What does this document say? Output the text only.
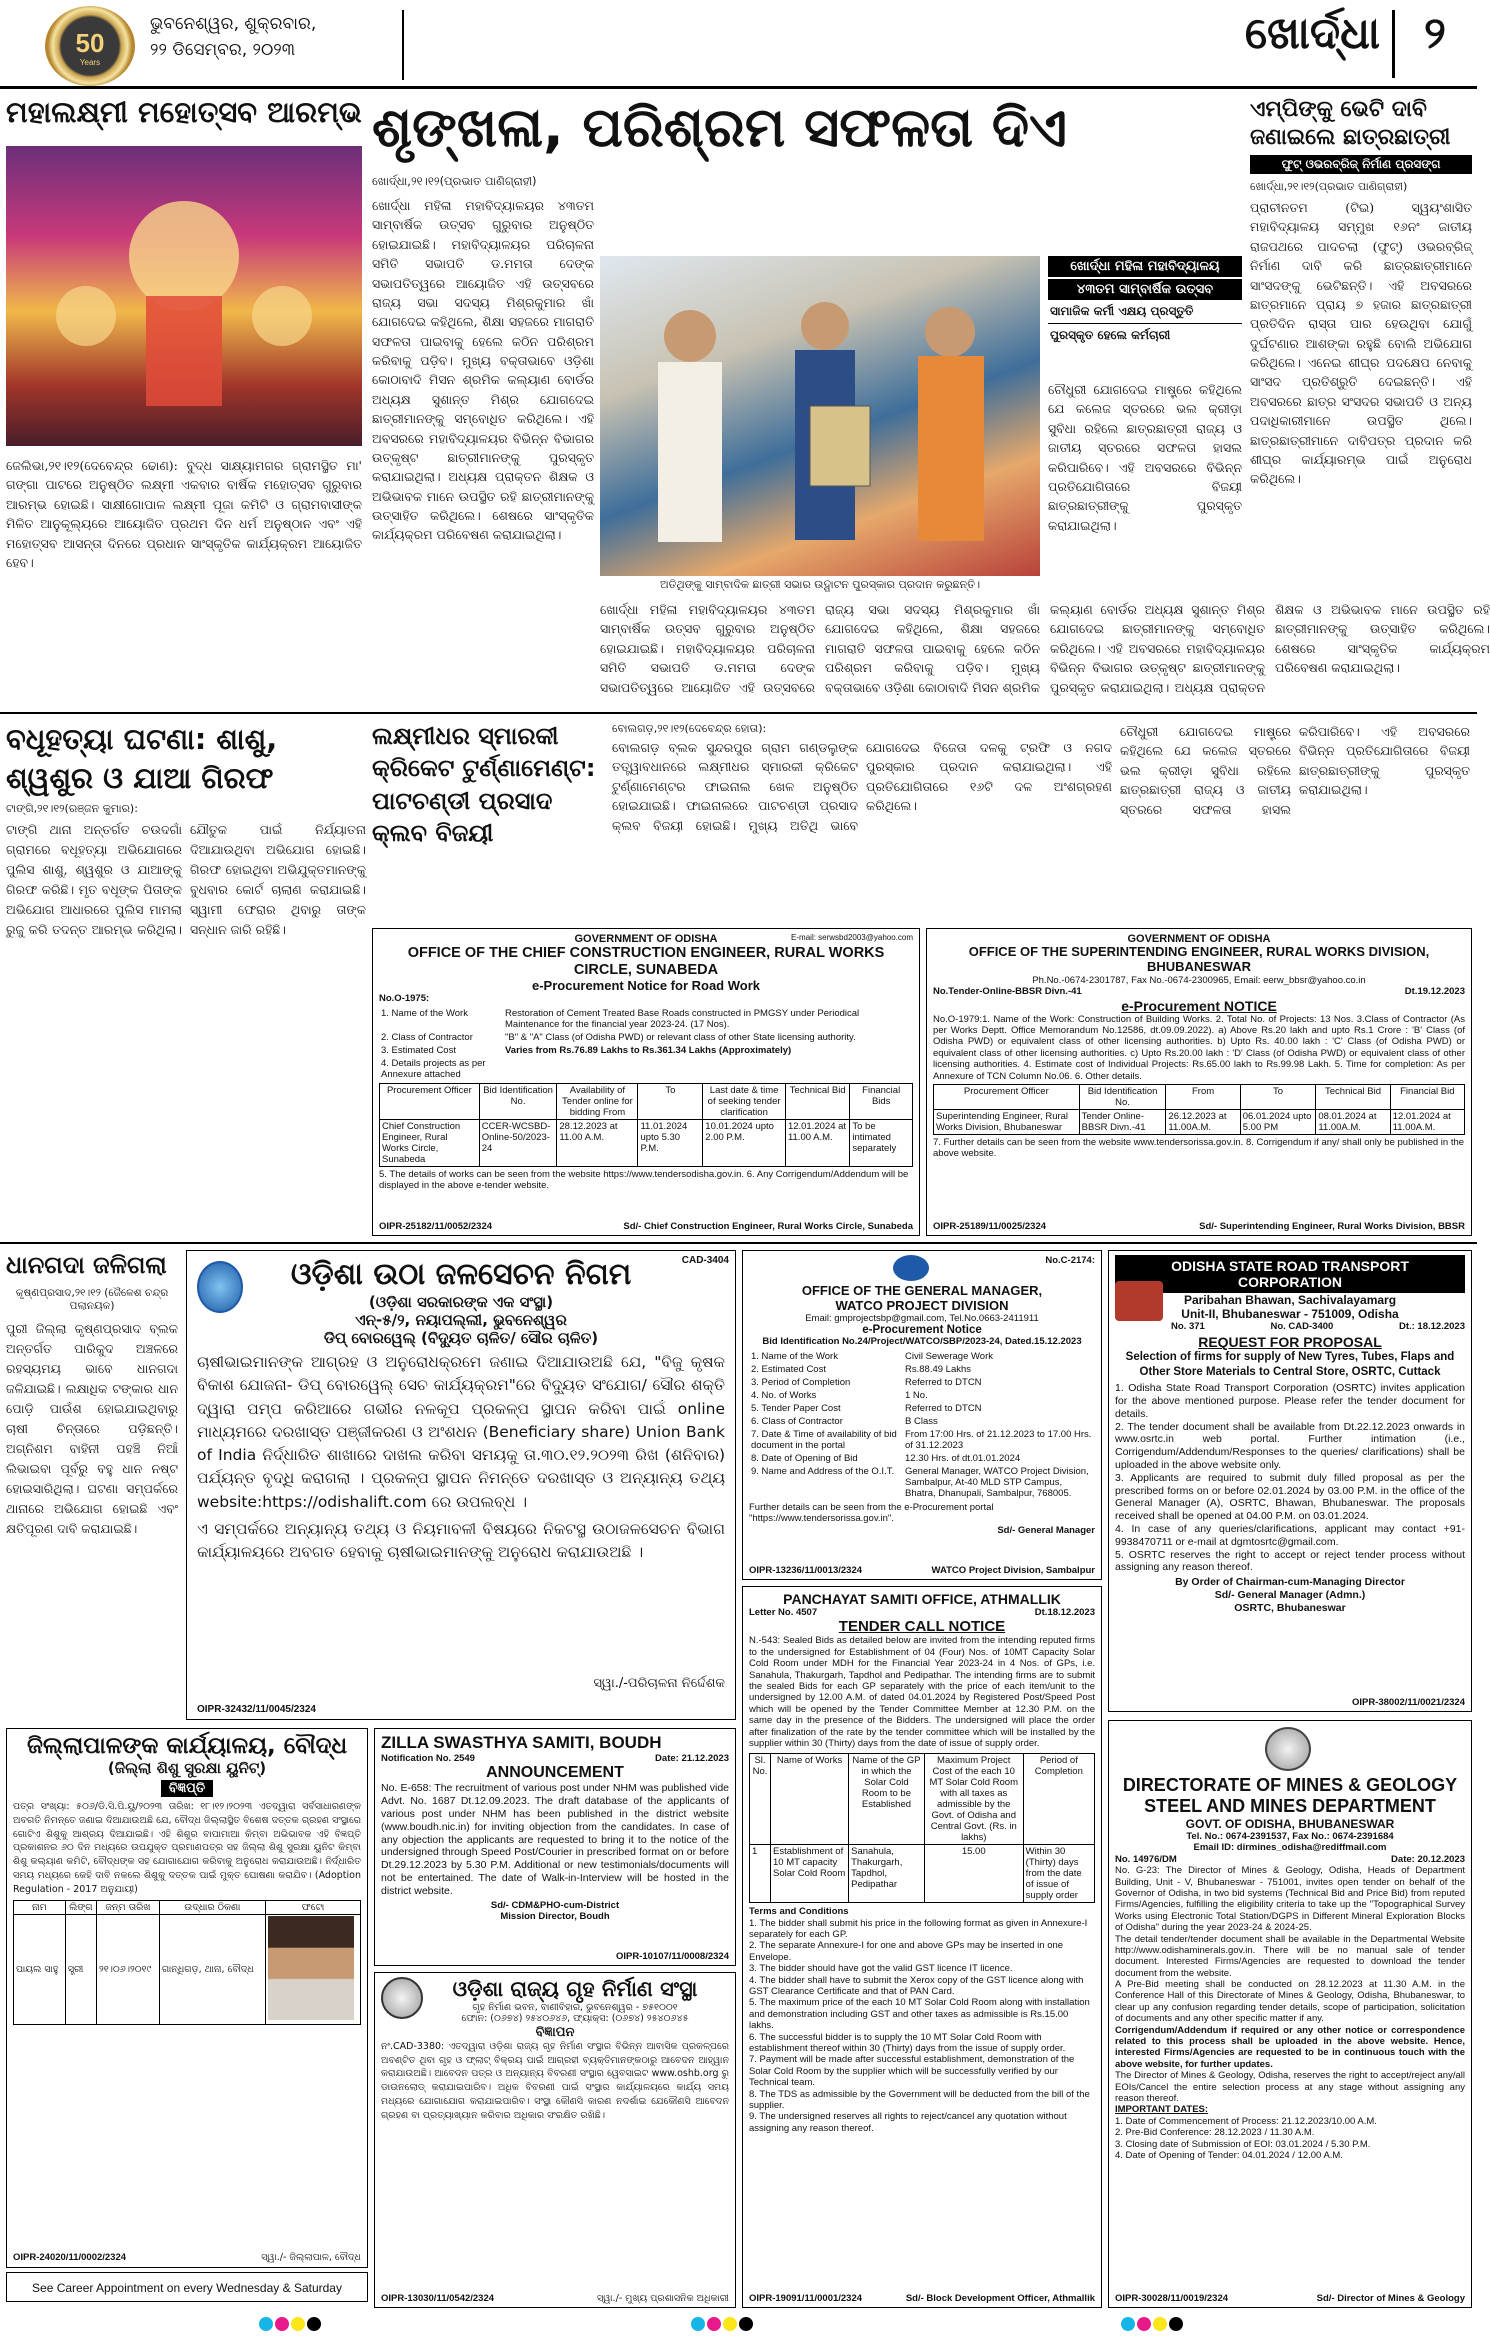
50
Years
ଭୁବନେଶ୍ୱର, ଶୁକ୍ରବାର,
୨୨ ଡିସେମ୍ବର, ୨୦୨୩	ଖୋର୍ଦ୍ଧା	୨
ମହାଲକ୍ଷ୍ମୀ ମହୋତ୍ସବ ଆରମ୍ଭ
ଜେଲିଭା,୨୧।୧୨(ଦେବେନ୍ଦ୍ର ଢୋଣ): ବୁଦ୍ଧ ସାକ୍ଷ୍ୟାମଗର ଗ୍ରାମସ୍ଥିତ ମା' ଗଙ୍ଗା ପାଟରେ ଅନୁଷ୍ଠିତ ଲକ୍ଷ୍ମୀ ଏକବାର ବାର୍ଷିକ ମହୋତ୍ସବ ଗୁରୁବାର ଆରମ୍ଭ ହୋଇଛି। ସାକ୍ଷୀଗୋପାଳ ଲକ୍ଷ୍ମୀ ପୂଜା କମିଟି ଓ ଗ୍ରାମବାସୀଙ୍କ ମିଳିତ ଆନୁକୂଲ୍ୟରେ ଆୟୋଜିତ ପ୍ରଥମ ଦିନ ଧର୍ମ ଅନୁଷ୍ଠାନ ଏବଂ ଏହି ମହୋତ୍ସବ ଆସନ୍ତା ଦିନରେ ପ୍ରଧାନ ସାଂସ୍କୃତିକ କାର୍ଯ୍ୟକ୍ରମ ଆୟୋଜିତ ହେବ।
ଶୃଙ୍ଖଳା, ପରିଶ୍ରମ ସଫଳତା ଦିଏ
ଖୋର୍ଦ୍ଧା,୨୧।୧୨(ପ୍ରଭାତ ପାଣିଗ୍ରାହୀ)
ଖୋର୍ଦ୍ଧା ମହିଳା ମହାବିଦ୍ୟାଳୟର ୪୩ତମ ସାମ୍ବାର୍ଷିକ ଉତ୍ସବ ଗୁରୁବାର ଅନୁଷ୍ଠିତ ହୋଇଯାଇଛି। ମହାବିଦ୍ୟାଳୟର ପରିଚାଳନା ସମିତି ସଭାପତି ଡ.ମମତା ଦେଙ୍କ ସଭାପତିତ୍ୱରେ ଆୟୋଜିତ ଏହି ଉତ୍ସବରେ ରାଜ୍ୟ ସଭା ସଦସ୍ୟ ମିଶ୍ରକୁମାର ଖାଁ ଯୋଗଦେଇ କହିଥିଲେ, ଶିକ୍ଷା ସହଜରେ ମାଗରାତି ସଫଳତା ପାଇବାକୁ ହେଲେ କଠିନ ପରିଶ୍ରମ କରିବାକୁ ପଡ଼ିବ। ମୁଖ୍ୟ ବକ୍ତାଭାବେ ଓଡ଼ିଶା କୋଠାବାଦି ମିସନ ଶ୍ରମିକ କଲ୍ୟାଣ ବୋର୍ଡର ଅଧ୍ୟକ୍ଷ ସୁଶାନ୍ତ ମିଶ୍ର ଯୋଗଦେଇ ଛାତ୍ରୀମାନଙ୍କୁ ସମ୍ବୋଧିତ କରିଥିଲେ। ଏହି ଅବସରରେ ମହାବିଦ୍ୟାଳୟର ବିଭିନ୍ନ ବିଭାଗର ଉତ୍କୃଷ୍ଟ ଛାତ୍ରୀମାନଙ୍କୁ ପୁରସ୍କୃତ କରାଯାଇଥିଲା। ଅଧ୍ୟକ୍ଷ ପ୍ରାକ୍ତନ ଶିକ୍ଷକ ଓ ଅଭିଭାବକ ମାନେ ଉପସ୍ଥିତ ରହି ଛାତ୍ରୀମାନଙ୍କୁ ଉତ୍ସାହିତ କରିଥିଲେ। ଶେଷରେ ସାଂସ୍କୃତିକ କାର୍ଯ୍ୟକ୍ରମ ପରିବେଷଣ କରାଯାଇଥିଲା।
ଅତିଥିଙ୍କୁ ସାମ୍ବାଦିକ ଛାତ୍ରୀ ସଭାର ଉଦ୍ଘାଟନ ପୁରସ୍କାର ପ୍ରଦାନ କରୁଛନ୍ତି।
ଖୋର୍ଦ୍ଧା ମହିଳା ମହାବିଦ୍ୟାଳୟ
୪୩ତମ ସାମ୍ବାର୍ଷିକ ଉତ୍ସବ
ସାମାଜିକ କର୍ମୀ ଏକ୍ଷୟ ପ୍ରସ୍ତୁତି
ପୁରସ୍କୃତ ହେଲେ କର୍ମଚାରୀ
ଚୌଧୁରୀ ଯୋଗଦେଇ ମାଷ୍ଟ୍ରେ କହିଥିଲେ ଯେ କଲେଜ ସ୍ତରରେ ଭଲ କ୍ରୀଡ଼ା ସୁବିଧା ରହିଲେ ଛାତ୍ରଛାତ୍ରୀ ରାଜ୍ୟ ଓ ଜାତୀୟ ସ୍ତରରେ ସଫଳତା ହାସଲ କରିପାରିବେ। ଏହି ଅବସରରେ ବିଭିନ୍ନ ପ୍ରତିଯୋଗିତାରେ ବିଜୟୀ ଛାତ୍ରଛାତ୍ରୀଙ୍କୁ ପୁରସ୍କୃତ କରାଯାଇଥିଲା।
ଖୋର୍ଦ୍ଧା ମହିଳା ମହାବିଦ୍ୟାଳୟର ୪୩ତମ ସାମ୍ବାର୍ଷିକ ଉତ୍ସବ ଗୁରୁବାର ଅନୁଷ୍ଠିତ ହୋଇଯାଇଛି। ମହାବିଦ୍ୟାଳୟର ପରିଚାଳନା ସମିତି ସଭାପତି ଡ.ମମତା ଦେଙ୍କ ସଭାପତିତ୍ୱରେ ଆୟୋଜିତ ଏହି ଉତ୍ସବରେ ରାଜ୍ୟ ସଭା ସଦସ୍ୟ ମିଶ୍ରକୁମାର ଖାଁ ଯୋଗଦେଇ କହିଥିଲେ, ଶିକ୍ଷା ସହଜରେ ମାଗରାତି ସଫଳତା ପାଇବାକୁ ହେଲେ କଠିନ ପରିଶ୍ରମ କରିବାକୁ ପଡ଼ିବ। ମୁଖ୍ୟ ବକ୍ତାଭାବେ ଓଡ଼ିଶା କୋଠାବାଦି ମିସନ ଶ୍ରମିକ କଲ୍ୟାଣ ବୋର୍ଡର ଅଧ୍ୟକ୍ଷ ସୁଶାନ୍ତ ମିଶ୍ର ଯୋଗଦେଇ ଛାତ୍ରୀମାନଙ୍କୁ ସମ୍ବୋଧିତ କରିଥିଲେ। ଏହି ଅବସରରେ ମହାବିଦ୍ୟାଳୟର ବିଭିନ୍ନ ବିଭାଗର ଉତ୍କୃଷ୍ଟ ଛାତ୍ରୀମାନଙ୍କୁ ପୁରସ୍କୃତ କରାଯାଇଥିଲା। ଅଧ୍ୟକ୍ଷ ପ୍ରାକ୍ତନ ଶିକ୍ଷକ ଓ ଅଭିଭାବକ ମାନେ ଉପସ୍ଥିତ ରହି ଛାତ୍ରୀମାନଙ୍କୁ ଉତ୍ସାହିତ କରିଥିଲେ। ଶେଷରେ ସାଂସ୍କୃତିକ କାର୍ଯ୍ୟକ୍ରମ ପରିବେଷଣ କରାଯାଇଥିଲା।
ଏମ୍‌ପିଙ୍କୁ ଭେଟି ଦାବି ଜଣାଇଲେ ଛାତ୍ରଛାତ୍ରୀ
ଫୁଟ୍ ଓଭରବ୍ରିଜ୍ ନିର୍ମାଣ ପ୍ରସଙ୍ଗ
ଖୋର୍ଦ୍ଧା,୨୧।୧୨(ପ୍ରଭାତ ପାଣିଗ୍ରାହୀ)
ପ୍ରାଚୀନତମ (ଟିଇ) ସ୍ୱୟଂଶାସିତ ମହାବିଦ୍ୟାଳୟ ସମ୍ମୁଖ ୧୬ନଂ ଜାତୀୟ ରାଜପଥରେ ପାଦଚଲା (ଫୁଟ୍) ଓଭରବ୍ରିଜ୍ ନିର୍ମାଣ ଦାବି କରି ଛାତ୍ରଛାତ୍ରୀମାନେ ସାଂସଦଙ୍କୁ ଭେଟିଛନ୍ତି। ଏହି ଅବସରରେ ଛାତ୍ରମାନେ ପ୍ରାୟ ୭ ହଜାର ଛାତ୍ରଛାତ୍ରୀ ପ୍ରତିଦିନ ରାସ୍ତା ପାର ହେଉଥିବା ଯୋଗୁଁ ଦୁର୍ଘଟଣାର ଆଶଙ୍କା ରହୁଛି ବୋଲି ଅଭିଯୋଗ କରିଥିଲେ। ଏନେଇ ଶୀଘ୍ର ପଦକ୍ଷେପ ନେବାକୁ ସାଂସଦ ପ୍ରତିଶ୍ରୁତି ଦେଇଛନ୍ତି। ଏହି ଅବସରରେ ଛାତ୍ର ସଂସଦର ସଭାପତି ଓ ଅନ୍ୟ ପଦାଧିକାରୀମାନେ ଉପସ୍ଥିତ ଥିଲେ। ଛାତ୍ରଛାତ୍ରୀମାନେ ଦାବିପତ୍ର ପ୍ରଦାନ କରି ଶୀଘ୍ର କାର୍ଯ୍ୟାରମ୍ଭ ପାଇଁ ଅନୁରୋଧ କରିଥିଲେ।
ବଧୂହତ୍ୟା ଘଟଣା: ଶାଶୁ, ଶ୍ୱଶୁର ଓ ଯାଆ ଗିରଫ
ଟାଙ୍ଗି,୨୧।୧୨(ରଞ୍ଜନ କୁମାର):
ଟାଙ୍ଗି ଥାନା ଅନ୍ତର୍ଗତ ଚଉଦଗାଁ ଗ୍ରାମରେ ବଧୂହତ୍ୟା ଅଭିଯୋଗରେ ପୁଲିସ ଶାଶୁ, ଶ୍ୱଶୁର ଓ ଯାଆଙ୍କୁ ଗିରଫ କରିଛି। ମୃତ ବଧୂଙ୍କ ପିତାଙ୍କ ଅଭିଯୋଗ ଆଧାରରେ ପୁଲିସ ମାମଲା ରୁଜୁ କରି ତଦନ୍ତ ଆରମ୍ଭ କରିଥିଲା। ଯୌତୁକ ପାଇଁ ନିର୍ଯ୍ୟାତନା ଦିଆଯାଉଥିବା ଅଭିଯୋଗ ହୋଇଛି। ଗିରଫ ହୋଇଥିବା ଅଭିଯୁକ୍ତମାନଙ୍କୁ ବୁଧବାର କୋର୍ଟ ଚାଲାଣ କରାଯାଇଛି। ସ୍ୱାମୀ ଫେରାର ଥିବାରୁ ତାଙ୍କ ସନ୍ଧାନ ଜାରି ରହିଛି।
ଲକ୍ଷ୍ମୀଧର ସ୍ମାରକୀ କ୍ରିକେଟ ଟୁର୍ଣ୍ଣାମେଣ୍ଟ: ପାଟଚଣ୍ଡୀ ପ୍ରସାଦ କ୍ଲବ ବିଜୟୀ
ବୋଲଗଡ଼,୨୧।୧୨(ଦେବେନ୍ଦ୍ର ହୋତା):
ବୋଲଗଡ଼ ବ୍ଲକ ସୁନ୍ଦରପୁର ଗ୍ରାମ ଗଣ୍ଡଲୁଙ୍କ ତତ୍ତ୍ୱାବଧାନରେ ଲକ୍ଷ୍ମୀଧର ସ୍ମାରକୀ କ୍ରିକେଟ ଟୁର୍ଣ୍ଣାମେଣ୍ଟର ଫାଇନାଲ ଖେଳ ଅନୁଷ୍ଠିତ ହୋଇଯାଇଛି। ଫାଇନାଲରେ ପାଟଚଣ୍ଡୀ ପ୍ରସାଦ କ୍ଲବ ବିଜୟୀ ହୋଇଛି। ମୁଖ୍ୟ ଅତିଥି ଭାବେ ଯୋଗଦେଇ ବିଜେତା ଦଳକୁ ଟ୍ରଫି ଓ ନଗଦ ପୁରସ୍କାର ପ୍ରଦାନ କରାଯାଇଥିଲା। ଏହି ପ୍ରତିଯୋଗିତାରେ ୧୬ଟି ଦଳ ଅଂଶଗ୍ରହଣ କରିଥିଲେ।
ଚୌଧୁରୀ ଯୋଗଦେଇ ମାଷ୍ଟ୍ରେ କହିଥିଲେ ଯେ କଲେଜ ସ୍ତରରେ ଭଲ କ୍ରୀଡ଼ା ସୁବିଧା ରହିଲେ ଛାତ୍ରଛାତ୍ରୀ ରାଜ୍ୟ ଓ ଜାତୀୟ ସ୍ତରରେ ସଫଳତା ହାସଲ କରିପାରିବେ। ଏହି ଅବସରରେ ବିଭିନ୍ନ ପ୍ରତିଯୋଗିତାରେ ବିଜୟୀ ଛାତ୍ରଛାତ୍ରୀଙ୍କୁ ପୁରସ୍କୃତ କରାଯାଇଥିଲା।
GOVERNMENT OF ODISHA	E-mail: serwsbd2003@yahoo.com
OFFICE OF THE CHIEF CONSTRUCTION ENGINEER, RURAL WORKS CIRCLE, SUNABEDA
e-Procurement Notice for Road Work
No.O-1975:
1. Name of the Work	Restoration of Cement Treated Base Roads constructed in PMGSY under Periodical Maintenance for the financial year 2023-24. (17 Nos).
2. Class of Contractor	"B" & "A" Class (of Odisha PWD) or relevant class of other State licensing authority.
3. Estimated Cost	Varies from Rs.76.89 Lakhs to Rs.361.34 Lakhs (Approximately)
4. Details projects as per Annexure attached	
Procurement Officer	Bid Identification No.	Availability of Tender online for bidding From	To	Last date & time of seeking tender clarification	Technical Bid	Financial Bids
Chief Construction Engineer, Rural Works Circle, Sunabeda	CCER-WCSBD-Online-50/2023-24	28.12.2023 at 11.00 A.M.	11.01.2024 upto 5.30 P.M.	10.01.2024 upto 2.00 P.M.	12.01.2024 at 11.00 A.M.	To be intimated separately
5. The details of works can be seen from the website https://www.tendersodisha.gov.in. 6. Any Corrigendum/Addendum will be displayed in the above e-tender website.
OIPR-25182/11/0052/2324	Sd/- Chief Construction Engineer, Rural Works Circle, Sunabeda
GOVERNMENT OF ODISHA
OFFICE OF THE SUPERINTENDING ENGINEER, RURAL WORKS DIVISION, BHUBANESWAR
Ph.No.-0674-2301787, Fax No.-0674-2300965, Email: eerw_bbsr@yahoo.co.in
No.Tender-Online-BBSR Divn.-41	Dt.19.12.2023
e-Procurement NOTICE
No.O-1979:1. Name of the Work: Construction of Building Works. 2. Total No. of Projects: 13 Nos. 3.Class of Contractor (As per Works Deptt. Office Memorandum No.12586, dt.09.09.2022). a) Above Rs.20 lakh and upto Rs.1 Crore : 'B' Class (of Odisha PWD) or equivalent class of other licensing authorities. b) Upto Rs. 40.00 lakh : 'C' Class (of Odisha PWD) or equivalent class of other licensing authorities. c) Upto Rs.20.00 lakh : 'D' Class (of Odisha PWD) or equivalent class of other licensing authorities. 4. Estimate cost of Individual Projects: Rs.65.00 lakh to Rs.99.98 Lakh. 5. Time for completion: As per Annexure of TCN Column No.06. 6. Other details.
Procurement Officer	Bid Identification No.	From	To	Technical Bid	Financial Bid
Superintending Engineer, Rural Works Division, Bhubaneswar	Tender Online-BBSR Divn.-41	26.12.2023 at 11.00A.M.	06.01.2024 upto 5.00 PM	08.01.2024 at 11.00A.M.	12.01.2024 at 11.00A.M.
7. Further details can be seen from the website www.tendersorissa.gov.in. 8. Corrigendum if any/ shall only be published in the above website.
OIPR-25189/11/0025/2324	Sd/- Superintending Engineer, Rural Works Division, BBSR
ଧାନଗଦା ଜଳିଗଲା
କୃଷ୍ଣପ୍ରସାଦ,୨୧।୧୨ (ଜୈଳେଶ ଚନ୍ଦ୍ର ପଲାନୟକ)
ପୁରୀ ଜିଲ୍ଲା କୃଷ୍ଣପ୍ରସାଦ ବ୍ଲକ ଅନ୍ତର୍ଗତ ପାରିକୁଦ ଅଞ୍ଚଳରେ ରହସ୍ୟମୟ ଭାବେ ଧାନଗଦା ଜଳିଯାଇଛି। ଲକ୍ଷାଧିକ ଟଙ୍କାର ଧାନ ପୋଡ଼ି ପାଉଁଶ ହୋଇଯାଇଥିବାରୁ ଚାଷୀ ଚିନ୍ତାରେ ପଡ଼ିଛନ୍ତି। ଅଗ୍ନିଶମ ବାହିନୀ ପହଞ୍ଚି ନିଆଁ ଲିଭାଇବା ପୂର୍ବରୁ ବହୁ ଧାନ ନଷ୍ଟ ହୋଇସାରିଥିଲା। ଘଟଣା ସମ୍ପର୍କରେ ଥାନାରେ ଅଭିଯୋଗ ହୋଇଛି ଏବଂ କ୍ଷତିପୂରଣ ଦାବି କରାଯାଇଛି।
CAD-3404
ଓଡ଼ିଶା ଉଠା ଜଳସେଚନ ନିଗମ
(ଓଡ଼ିଶା ସରକାରଙ୍କ ଏକ ସଂସ୍ଥା)
ଏନ୍-୫/୨, ନୟାପଲ୍ଲୀ, ଭୁବନେଶ୍ୱର
ଡିପ୍ ବୋରୱେଲ୍ (ବିଦ୍ୟୁତ ଚାଳିତ/ ସୌର ଚାଳିତ)
ଚାଷୀଭାଇମାନଙ୍କ ଆଗ୍ରହ ଓ ଅନୁରୋଧକ୍ରମେ ଜଣାଇ ଦିଆଯାଉଅଛି ଯେ, "ବିଜୁ କୃଷକ ବିକାଶ ଯୋଜନା- ଡିପ୍ ବୋରୱେଲ୍ ସେଚ କାର୍ଯ୍ୟକ୍ରମ"ରେ ବିଦ୍ୟୁତ ସଂଯୋଗ/ ସୌର ଶକ୍ତି ଦ୍ୱାରା ପମ୍ପ କରିଆରେ ଗଭୀର ନଳକୂପ ପ୍ରକଳ୍ପ ସ୍ଥାପନ କରିବା ପାଇଁ online ମାଧ୍ୟମରେ ଦରଖାସ୍ତ ପଞ୍ଜୀକରଣ ଓ ଅଂଶଧନ (Beneficiary share) Union Bank of India ନିର୍ଦ୍ଧାରିତ ଶାଖାରେ ଦାଖଲ କରିବା ସମୟକୁ ତା.୩୦.୧୨.୨୦୨୩ ରିଖ (ଶନିବାର) ପର୍ଯ୍ୟନ୍ତ ବୃଦ୍ଧି କରାଗଲା । ପ୍ରକଳ୍ପ ସ୍ଥାପନ ନିମନ୍ତେ ଦରଖାସ୍ତ ଓ ଅନ୍ୟାନ୍ୟ ତଥ୍ୟ website:https://odishalift.com ରେ ଉପଲବ୍ଧ ।
ଏ ସମ୍ପର୍କରେ ଅନ୍ୟାନ୍ୟ ତଥ୍ୟ ଓ ନିୟମାବଳୀ ବିଷୟରେ ନିକଟସ୍ଥ ଉଠାଜଳସେଚନ ବିଭାଗ କାର୍ଯ୍ୟାଳୟରେ ଅବଗତ ହେବାକୁ ଚାଷୀଭାଇମାନଙ୍କୁ ଅନୁରୋଧ କରାଯାଉଅଛି ।
ସ୍ୱା./-ପରିଚାଳନା ନିର୍ଦ୍ଦେଶକ
OIPR-32432/11/0045/2324
No.C-2174:
OFFICE OF THE GENERAL MANAGER,
WATCO PROJECT DIVISION
Email: gmprojectsbp@gmail.com, Tel.No.0663-2411911
e-Procurement Notice
Bid Identification No.24/Project/WATCO/SBP/2023-24, Dated.15.12.2023
1. Name of the Work	Civil Sewerage Work
2. Estimated Cost	Rs.88.49 Lakhs
3. Period of Completion	Referred to DTCN
4. No. of Works	1 No.
5. Tender Paper Cost	Referred to DTCN
6. Class of Contractor	B Class
7. Date & Time of availability of bid document in the portal	From 17:00 Hrs. of 21.12.2023 to 17.00 Hrs. of 31.12.2023
8. Date of Opening of Bid	12.30 Hrs. of dt.01.01.2024
9. Name and Address of the O.I.T.	General Manager, WATCO Project Division, Sambalpur, At-40 MLD STP Campus, Bhatra, Dhanupali, Sambalpur, 768005.
Further details can be seen from the e-Procurement portal "https://www.tendersorissa.gov.in".
Sd/- General Manager
OIPR-13236/11/0013/2324	WATCO Project Division, Sambalpur
ODISHA STATE ROAD TRANSPORT CORPORATION
Paribahan Bhawan, Sachivalayamarg
Unit-II, Bhubaneswar - 751009, Odisha
No. 371	No. CAD-3400	Dt.: 18.12.2023
REQUEST FOR PROPOSAL
Selection of firms for supply of New Tyres, Tubes, Flaps and Other Store Materials to Central Store, OSRTC, Cuttack
1. Odisha State Road Transport Corporation (OSRTC) invites application for the above mentioned purpose. Please refer the tender document for details.
2. The tender document shall be available from Dt.22.12.2023 onwards in www.osrtc.in web portal. Further intimation (i.e., Corrigendum/Addendum/Responses to the queries/ clarifications) shall be uploaded in the above website only.
3. Applicants are required to submit duly filled proposal as per the prescribed forms on or before 02.01.2024 by 03.00 P.M. in the office of the General Manager (A), OSRTC, Bhawan, Bhubaneswar. The proposals received shall be opened at 04.00 P.M. on 03.01.2024.
4. In case of any queries/clarifications, applicant may contact +91-9938470711 or e-mail at dgmtosrtc@gmail.com.
5. OSRTC reserves the right to accept or reject tender process without assigning any reason thereof.
By Order of Chairman-cum-Managing Director
Sd/- General Manager (Admn.)
OSRTC, Bhubaneswar
OIPR-38002/11/0021/2324
PANCHAYAT SAMITI OFFICE, ATHMALLIK
Letter No. 4507	Dt.18.12.2023
TENDER CALL NOTICE
N.-543: Sealed Bids as detailed below are invited from the intending reputed firms to the undersigned for Establishment of 04 (Four) Nos. of 10MT Capacity Solar Cold Room under MDH for the Financial Year 2023-24 in 4 Nos. of GPs, i.e. Sanahula, Thakurgarh, Tapdhol and Pedipathar. The intending firms are to submit the sealed Bids for each GP separately with the price of each item/unit to the undersigned by 12.00 A.M. of dated 04.01.2024 by Registered Post/Speed Post which will be opened by the Tender Committee Member at 12.30 P.M. on the same day in the presence of the Bidders. The undersigned will place the order after finalization of the rate by the tender committee which will be installed by the supplier within 30 (Thirty) days from the date of issue of supply order.
Sl. No.	Name of Works	Name of the GP in which the Solar Cold Room to be Established	Maximum Project Cost of the each 10 MT Solar Cold Room with all taxes as admissible by the Govt. of Odisha and Central Govt. (Rs. in lakhs)	Period of Completion
1	Establishment of 10 MT capacity Solar Cold Room	Sanahula, Thakurgarh, Tapdhol, Pedipathar	15.00	Within 30 (Thirty) days from the date of issue of supply order
Terms and Conditions
1. The bidder shall submit his price in the following format as given in Annexure-I separately for each GP.
2. The separate Annexure-I for one and above GPs may be inserted in one Envelope.
3. The bidder should have got the valid GST licence IT licence.
4. The bidder shall have to submit the Xerox copy of the GST licence along with GST Clearance Certificate and that of PAN Card.
5. The maximum price of the each 10 MT Solar Cold Room along with installation and demonstration including GST and other taxes as admissible is Rs.15.00 lakhs.
6. The successful bidder is to supply the 10 MT Solar Cold Room with establishment thereof within 30 (Thirty) days from the issue of supply order.
7. Payment will be made after successful establishment, demonstration of the Solar Cold Room by the supplier which will be successfully verified by our Technical team.
8. The TDS as admissible by the Government will be deducted from the bill of the supplier.
9. The undersigned reserves all rights to reject/cancel any quotation without assigning any reason thereof.
OIPR-19091/11/0001/2324	Sd/- Block Development Officer, Athmallik
ଜିଲ୍ଲାପାଳଙ୍କ କାର୍ଯ୍ୟାଳୟ, ବୌଦ୍ଧ
(ଜିଲ୍ଲା ଶିଶୁ ସୁରକ୍ଷା ୟୁନିଟ୍)
ବିଜ୍ଞପ୍ତି
ପତ୍ର ସଂଖ୍ୟା: ୫୦୬/ଡି.ସି.ପି.ୟୁ/୨୦୨୩ ତାରିଖ: ୧୮।୧୨।୨୦୨୩ ଏତଦ୍ୱାରା ସର୍ବସାଧାରଣଙ୍କ ଅବଗତି ନିମନ୍ତେ ଜଣାଇ ଦିଆଯାଉଅଛି ଯେ, ବୌଦ୍ଧ ଜିଲ୍ଲାସ୍ଥିତ ବିଶେଷ ଦତ୍ତକ ଗ୍ରହଣ ସଂସ୍ଥାରେ ଗୋଟିଏ ଶିଶୁକୁ ଆଶ୍ରୟ ଦିଆଯାଇଛି। ଏହି ଶିଶୁର ବାପାମାଆ କିମ୍ବା ଅଭିଭାବକ ଏହି ବିଜ୍ଞପ୍ତି ପ୍ରକାଶନର ୬୦ ଦିନ ମଧ୍ୟରେ ଉପଯୁକ୍ତ ପ୍ରମାଣପତ୍ର ସହ ଜିଲ୍ଲା ଶିଶୁ ସୁରକ୍ଷା ୟୁନିଟ କିମ୍ବା ଶିଶୁ କଲ୍ୟାଣ କମିଟି, ବୌଦ୍ଧଙ୍କ ସହ ଯୋଗାଯୋଗ କରିବାକୁ ଅନୁରୋଧ କରାଯାଉଅଛି। ନିର୍ଦ୍ଧାରିତ ସମୟ ମଧ୍ୟରେ କେହି ଦାବି ନକଲେ ଶିଶୁକୁ ଦତ୍ତକ ପାଇଁ ମୁକ୍ତ ଘୋଷଣା କରାଯିବ। (Adoption Regulation - 2017 ଅନୁଯାୟୀ)
ନାମ	ଲିଙ୍ଗ	ଜନ୍ମ ତାରିଖ	ଉଦ୍ଧାର ଠିକଣା	ଫଟୋ
ପାୟଲ ସାହୁ	ସ୍ତ୍ରୀ	୨୧।୦୬।୨୦୧୯	ଗାନ୍ଧିଗଡ଼, ଥାନା, ବୌଦ୍ଧ	
OIPR-24020/11/0002/2324	ସ୍ୱା./- ଜିଲ୍ଲାପାଳ, ବୌଦ୍ଧ
ZILLA SWASTHYA SAMITI, BOUDH
Notification No. 2549	Date: 21.12.2023
ANNOUNCEMENT
No. E-658: The recruitment of various post under NHM was published vide Advt. No. 1687 Dt.12.09.2023. The draft database of the applicants of various post under NHM has been published in the district website (www.boudh.nic.in) for inviting objection from the candidates. In case of any objection the applicants are requested to bring it to the notice of the undersigned through Speed Post/Courier in prescribed format on or before Dt.29.12.2023 by 5.30 P.M. Additional or new testimonials/documents will not be entertained. The date of Walk-in-Interview will be hosted in the district website.
Sd/- CDM&PHO-cum-District
Mission Director, Boudh
OIPR-10107/11/0008/2324
ଓଡ଼ିଶା ରାଜ୍ୟ ଗୃହ ନିର୍ମାଣ ସଂସ୍ଥା
ଗୃହ ନିର୍ମାଣ ଭବନ, ବାଣୀବିହାର, ଭୁବନେଶ୍ୱର - ୭୫୧୦୦୧
ଫୋନ: (୦୬୭୪) ୨୫୪୦୬୪୬, ଫ୍ୟାକ୍ସ: (୦୬୭୪) ୨୫୪୦୬୪୫
ବିଜ୍ଞାପନ
ନଂ.CAD-3380: ଏତଦ୍ୱାରା ଓଡ଼ିଶା ରାଜ୍ୟ ଗୃହ ନିର୍ମାଣ ସଂସ୍ଥାର ବିଭିନ୍ନ ଆବାସିକ ପ୍ରକଳ୍ପରେ ଅବଣ୍ଟିତ ଥିବା ଗୃହ ଓ ଫ୍ଲାଟ୍ ବିକ୍ରୟ ପାଇଁ ଆଗ୍ରହୀ ବ୍ୟକ୍ତିମାନଙ୍କଠାରୁ ଆବେଦନ ଆହ୍ୱାନ କରାଯାଉଅଛି। ଆବେଦନ ପତ୍ର ଓ ଅନ୍ୟାନ୍ୟ ବିବରଣୀ ସଂସ୍ଥାର ୱେବସାଇଟ www.oshb.org ରୁ ଡାଉନଲୋଡ୍ କରାଯାଇପାରିବ। ଅଧିକ ବିବରଣୀ ପାଇଁ ସଂସ୍ଥାର କାର୍ଯ୍ୟାଳୟରେ କାର୍ଯ୍ୟ ସମୟ ମଧ୍ୟରେ ଯୋଗାଯୋଗ କରାଯାଇପାରିବ। ସଂସ୍ଥା କୌଣସି କାରଣ ନଦର୍ଶାଇ ଯେକୌଣସି ଆବେଦନ ଗ୍ରହଣ ବା ପ୍ରତ୍ୟାଖ୍ୟାନ କରିବାର ଅଧିକାର ସଂରକ୍ଷିତ ରଖିଛି।
OIPR-13030/11/0542/2324	ସ୍ୱା./- ମୁଖ୍ୟ ପ୍ରଶାସନିକ ଅଧିକାରୀ
DIRECTORATE OF MINES & GEOLOGY
STEEL AND MINES DEPARTMENT
GOVT. OF ODISHA, BHUBANESWAR
Tel. No.: 0674-2391537, Fax No.: 0674-2391684
Email ID: dirmines_odisha@rediffmail.com
No. 14976/DM	Date: 20.12.2023
No. G-23: The Director of Mines & Geology, Odisha, Heads of Department Building, Unit - V, Bhubaneswar - 751001, invites open tender on behalf of the Governor of Odisha, in two bid systems (Technical Bid and Price Bid) from reputed Firms/Agencies, fulfilling the eligibility criteria to take up the "Topographical Survey Works using Electronic Total Station/DGPS in Different Mineral Exploration Blocks of Odisha" during the year 2023-24 & 2024-25.
The detail tender/tender document shall be available in the Departmental Website http://www.odishaminerals.gov.in. There will be no manual sale of tender document. Interested Firms/Agencies are requested to download the tender document from the website.
A Pre-Bid meeting shall be conducted on 28.12.2023 at 11.30 A.M. in the Conference Hall of this Directorate of Mines & Geology, Odisha, Bhubaneswar, to clear up any confusion regarding tender details, scope of participation, solicitation of documents and any other specific matter if any.
Corrigendum/Addendum if required or any other notice or correspondence related to this process shall be uploaded in the above website. Hence, interested Firms/Agencies are requested to be in continuous touch with the above website, for further updates.
The Director of Mines & Geology, Odisha, reserves the right to accept/reject any/all EOIs/Cancel the entire selection process at any stage without assigning any reason thereof.
IMPORTANT DATES:
1. Date of Commencement of Process: 21.12.2023/10.00 A.M.
2. Pre-Bid Conference: 28.12.2023 / 11.30 A.M.
3. Closing date of Submission of EOI: 03.01.2024 / 5.30 P.M.
4. Date of Opening of Tender: 04.01.2024 / 12.00 A.M.
OIPR-30028/11/0019/2324	Sd/- Director of Mines & Geology
See Career Appointment on every Wednesday & Saturday
